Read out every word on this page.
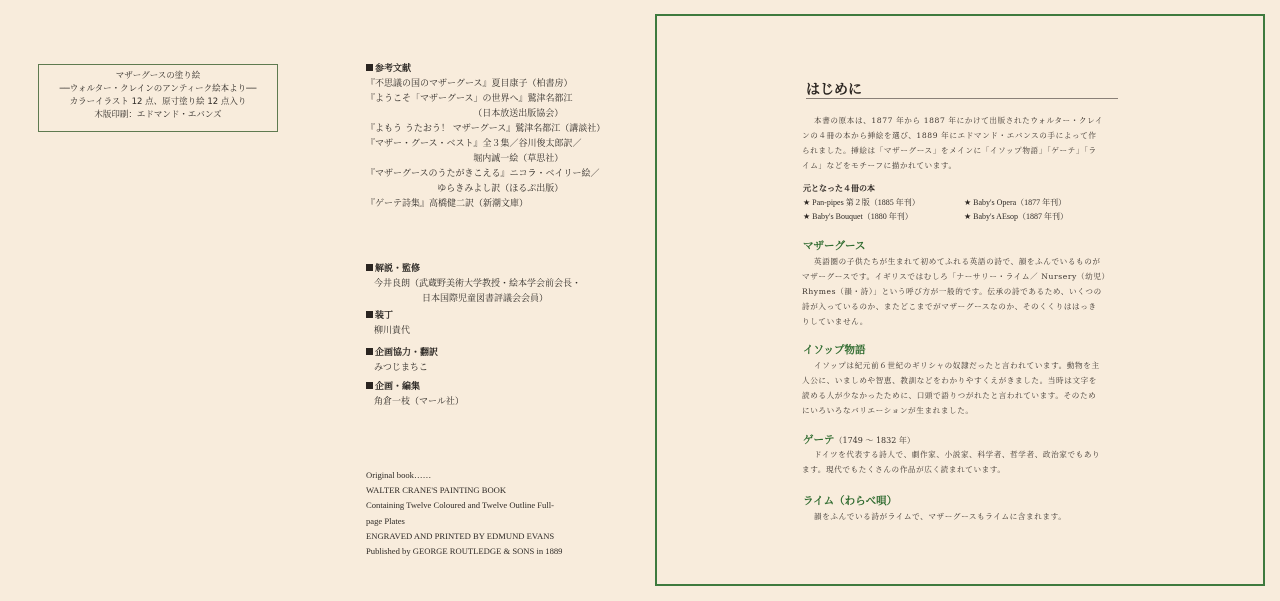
マザーグースの塗り絵
──ウォルター・クレインのアンティーク絵本より──
カラーイラスト 12 点、原寸塗り絵 12 点入り
木版印刷：エドマンド・エバンズ
参考文献
『不思議の国のマザーグース』夏目康子（柏書房）
『ようこそ「マザーグース」の世界へ』鷲津名都江
（日本放送出版協会）
『よもう うたおう！ マザーグース』鷲津名都江（講談社）
『マザー・グース・ベスト』全３集／谷川俊太郎訳／
堀内誠一絵（草思社）
『マザーグースのうたがきこえる』ニコラ・ベイリー絵／
ゆらきみよし訳（ほるぷ出版）
『ゲーテ詩集』高橋健二訳（新潮文庫）
解説・監修
今井良朗（武蔵野美術大学教授・絵本学会前会長・
日本国際児童図書評議会会員）
装丁
柳川貴代
企画協力・翻訳
みつじまちこ
企画・編集
角倉一枝（マール社）
Original book……
WALTER CRANE'S PAINTING BOOK
Containing Twelve Coloured and Twelve Outline Full-
page Plates
ENGRAVED AND PRINTED BY EDMUND EVANS
Published by GEORGE ROUTLEDGE & SONS in 1889
はじめに

本書の原本は、1877 年から 1887 年にかけて出版されたウォルター・クレイ

ンの４冊の本から挿絵を選び、1889 年にエドマンド・エバンスの手によって作

られました。挿絵は「マザーグース」をメインに「イソップ物語」「ゲーテ」「ラ

イム」などをモチーフに描かれています。

元となった４冊の本
★ Pan-pipes 第２版（1885 年刊）	★ Baby's Opera（1877 年刊）
★ Baby's Bouquet（1880 年刊）	★ Baby's AEsop（1887 年刊）
マザーグース

英語圏の子供たちが生まれて初めてふれる英語の詩で、韻をふんでいるものが

マザーグースです。イギリスではむしろ「ナーサリー・ライム／ Nursery（幼児）

Rhymes（韻・詩）」という呼び方が一般的です。伝承の詩であるため、いくつの

詩が入っているのか、またどこまでがマザーグースなのか、そのくくりははっき

りしていません。

イソップ物語

イソップは紀元前６世紀のギリシャの奴隷だったと言われています。動物を主

人公に、いましめや智恵、教訓などをわかりやすくえがきました。当時は文字を

読める人が少なかったために、口頭で語りつがれたと言われています。そのため

にいろいろなバリエーションが生まれました。

ゲーテ（1749 ～ 1832 年）

ドイツを代表する詩人で、劇作家、小説家、科学者、哲学者、政治家でもあり

ます。現代でもたくさんの作品が広く読まれています。

ライム（わらべ唄）

韻をふんでいる詩がライムで、マザーグースもライムに含まれます。
